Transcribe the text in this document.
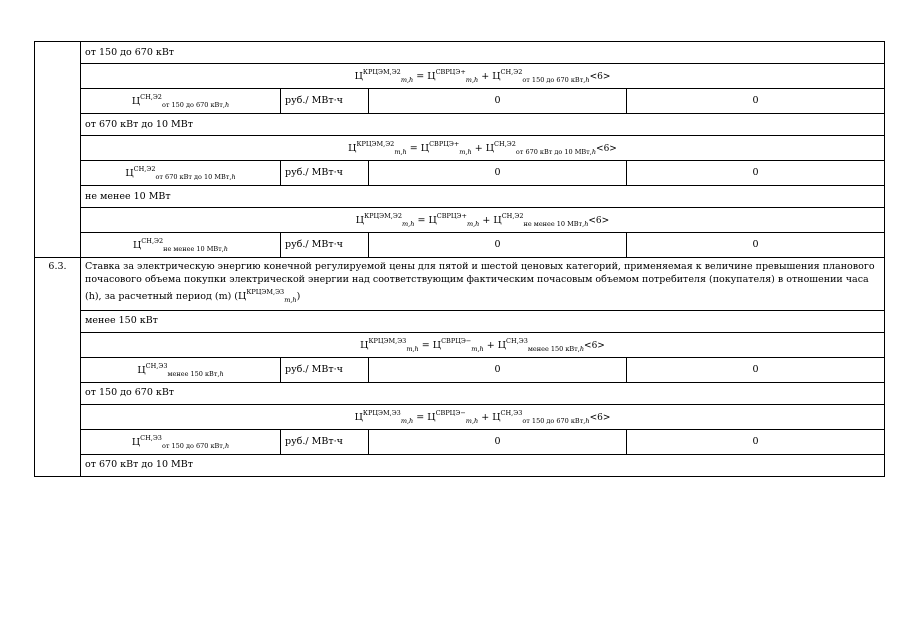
	от 150 до 670 кВт			
	$Ц^{КРЦЭМ,Э2}_{m,h} = Ц^{СВРЦЭ+}_{m,h} + Ц^{СН,Э2}_{от 150 до 670 кВт,h}<6>$			
	$Ц^{СН,Э2}_{от 150 до 670 кВт,h}$	руб./ МВт·ч	0	0
	от 670 кВт до 10 МВт			
	$Ц^{КРЦЭМ,Э2}_{m,h} = Ц^{СВРЦЭ+}_{m,h} + Ц^{СН,Э2}_{от 670 кВт до 10 МВт,h}<6>$			
	$Ц^{СН,Э2}_{от 670 кВт до 10 МВт,h}$	руб./ МВт·ч	0	0
	не менее 10 МВт			
	$Ц^{КРЦЭМ,Э2}_{m,h} = Ц^{СВРЦЭ+}_{m,h} + Ц^{СН,Э2}_{не менее 10 МВт,h}<6>$			
	$Ц^{СН,Э2}_{не менее 10 МВт,h}$	руб./ МВт·ч	0	0
6.3.	Ставка за электрическую энергию конечной регулируемой цены для пятой и шестой ценовых категорий, применяемая к величине превышения планового почасового объема покупки электрической энергии над соответствующим фактическим почасовым объемом потребителя (покупателя) в отношении часа (h), за расчетный период (m) $(Ц^{КРЦЭМ,Э3}_{m,h})$			
	менее 150 кВт			
	$Ц^{КРЦЭМ,Э3}_{m,h} = Ц^{СВРЦЭ-}_{m,h} + Ц^{СН,Э3}_{менее 150 кВт,h}<6>$			
	$Ц^{СН,Э3}_{менее 150 кВт,h}$	руб./ МВт·ч	0	0
	от 150 до 670 кВт			
	$Ц^{КРЦЭМ,Э3}_{m,h} = Ц^{СВРЦЭ-}_{m,h} + Ц^{СН,Э3}_{от 150 до 670 кВт,h}<6>$			
	$Ц^{СН,Э3}_{от 150 до 670 кВт,h}$	руб./ МВт·ч	0	0
	от 670 кВт до 10 МВт			
